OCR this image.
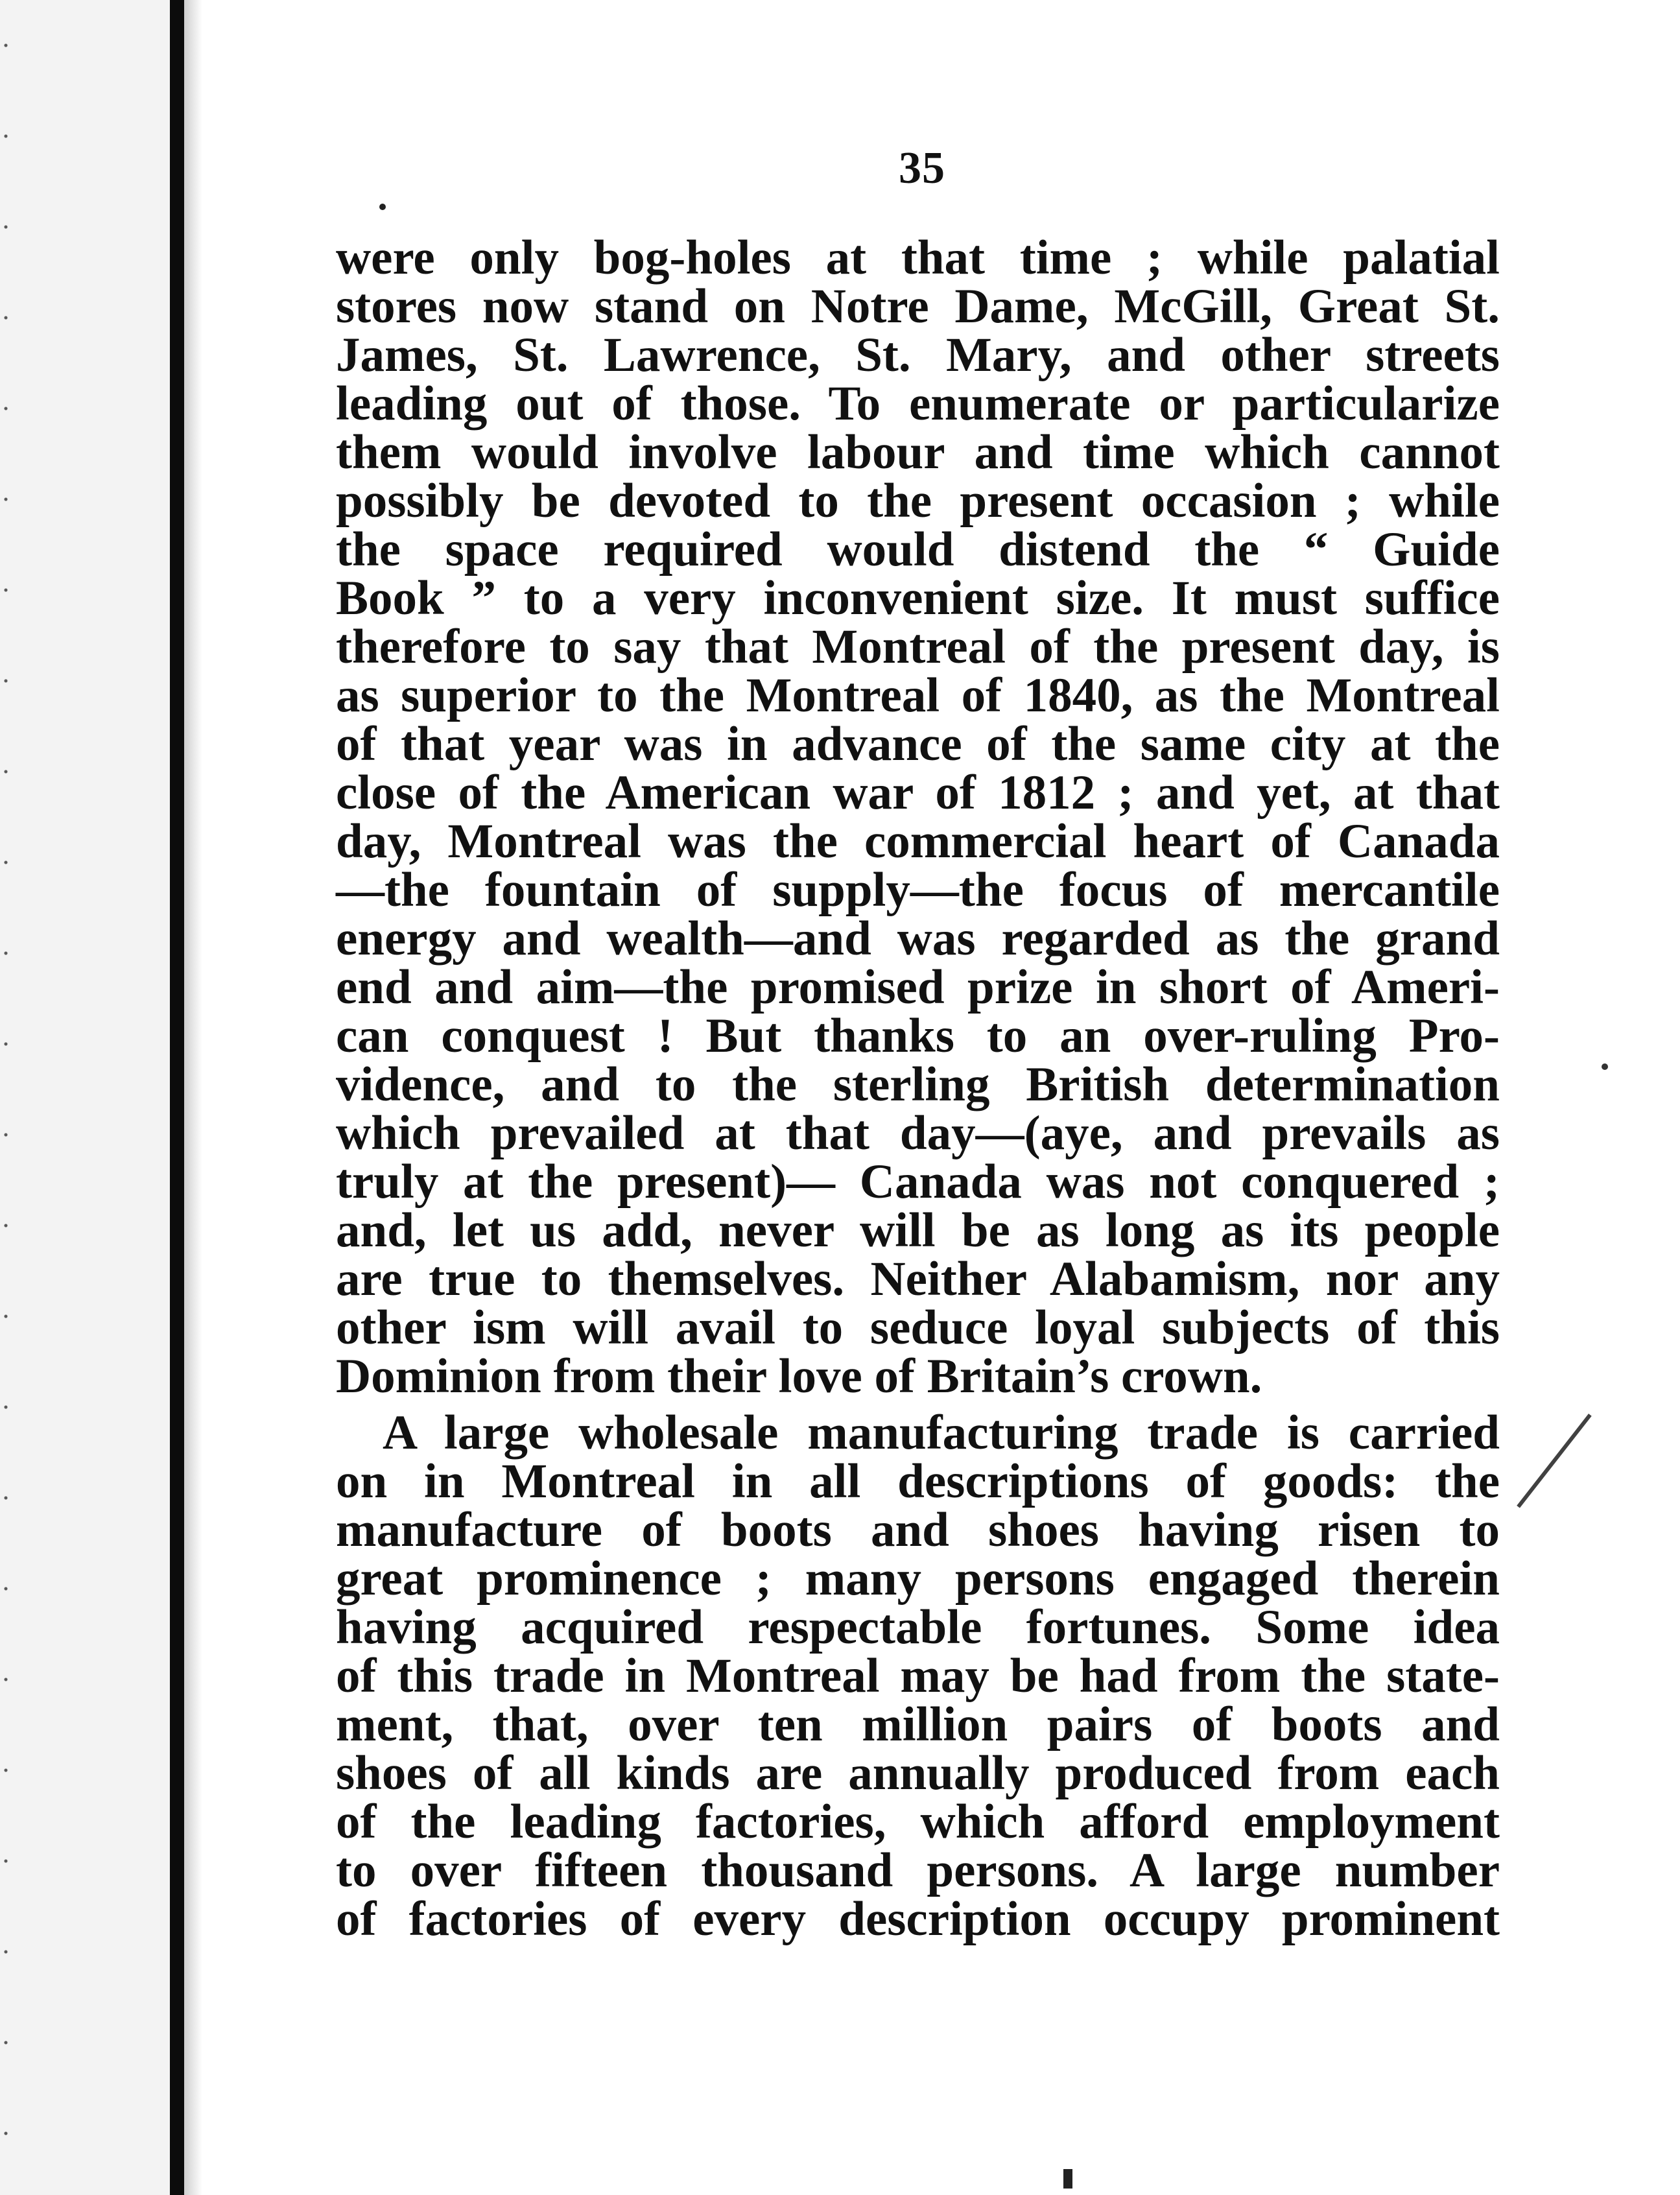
35
were only bog-holes at that time ; while palatial
stores now stand on Notre Dame, McGill, Great St.
James, St. Lawrence, St. Mary, and other streets
leading out of those. To enumerate or particularize
them would involve labour and time which cannot
possibly be devoted to the present occasion ; while
the space required would distend the “ Guide
Book ” to a very inconvenient size. It must suffice
therefore to say that Montreal of the present day, is
as superior to the Montreal of 1840, as the Montreal
of that year was in advance of the same city at the
close of the American war of 1812 ; and yet, at that
day, Montreal was the commercial heart of Canada
—the fountain of supply—the focus of mercantile
energy and wealth—and was regarded as the grand
end and aim—the promised prize in short of Ameri-
can conquest ! But thanks to an over-ruling Pro-
vidence, and to the sterling British determination
which prevailed at that day—(aye, and prevails as
truly at the present)— Canada was not conquered ;
and, let us add, never will be as long as its people
are true to themselves. Neither Alabamism, nor any
other ism will avail to seduce loyal subjects of this
Dominion from their love of Britain’s crown.
A large wholesale manufacturing trade is carried
on in Montreal in all descriptions of goods: the
manufacture of boots and shoes having risen to
great prominence ; many persons engaged therein
having acquired respectable fortunes. Some idea
of this trade in Montreal may be had from the state-
ment, that, over ten million pairs of boots and
shoes of all kinds are annually produced from each
of the leading factories, which afford employment
to over fifteen thousand persons. A large number
of factories of every description occupy prominent
